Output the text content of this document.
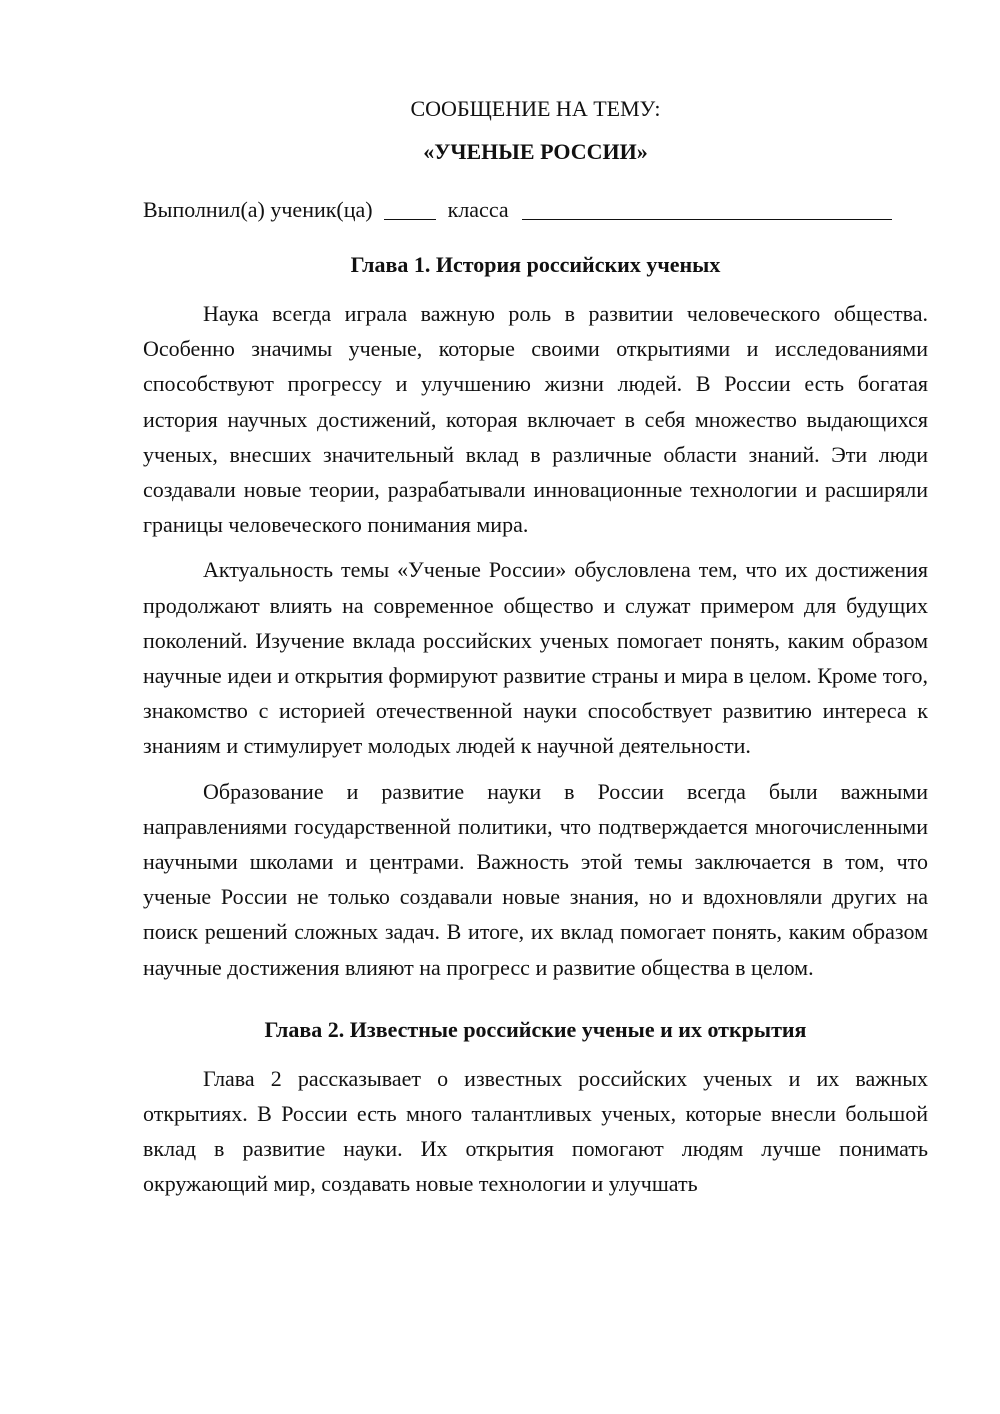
СООБЩЕНИЕ НА ТЕМУ:

«УЧЕНЫЕ РОССИИ»

Выполнил(а) ученик(ца)	класса
Глава 1. История российских ученых

Наука всегда играла важную роль в развитии человеческого общества. Особенно значимы ученые, которые своими открытиями и исследованиями способствуют прогрессу и улучшению жизни людей. В России есть богатая история научных достижений, которая включает в себя множество выдающихся ученых, внесших значительный вклад в различные области знаний. Эти люди создавали новые теории, разрабатывали инновационные технологии и расширяли границы человеческого понимания мира.

Актуальность темы «Ученые России» обусловлена тем, что их достижения продолжают влиять на современное общество и служат примером для будущих поколений. Изучение вклада российских ученых помогает понять, каким образом научные идеи и открытия формируют развитие страны и мира в целом. Кроме того, знакомство с историей отечественной науки способствует развитию интереса к знаниям и стимулирует молодых людей к научной деятельности.

Образование и развитие науки в России всегда были важными направлениями государственной политики, что подтверждается многочисленными научными школами и центрами. Важность этой темы заключается в том, что ученые России не только создавали новые знания, но и вдохновляли других на поиск решений сложных задач. В итоге, их вклад помогает понять, каким образом научные достижения влияют на прогресс и развитие общества в целом.

Глава 2. Известные российские ученые и их открытия

Глава 2 рассказывает о известных российских ученых и их важных открытиях. В России есть много талантливых ученых, которые внесли большой вклад в развитие науки. Их открытия помогают людям лучше понимать окружающий мир, создавать новые технологии и улучшать
